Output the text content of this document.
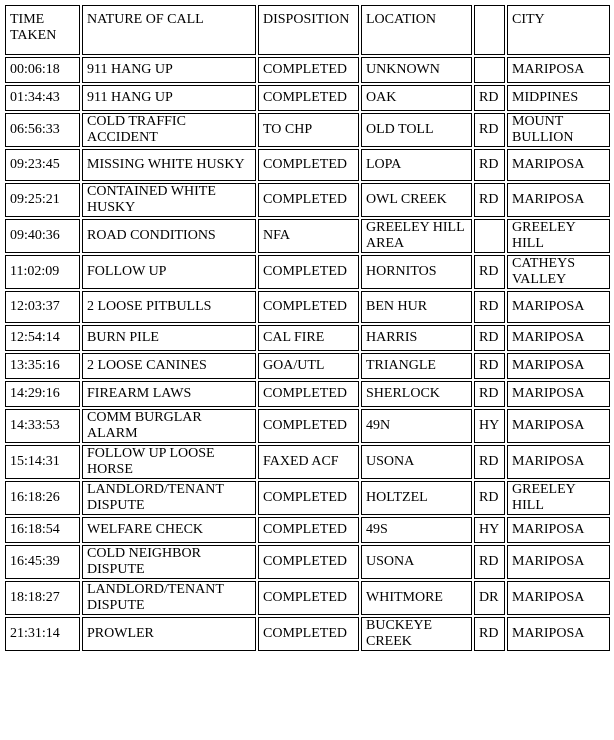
TIME TAKEN	NATURE OF CALL	DISPOSITION	LOCATION		CITY
00:06:18	911 HANG UP	COMPLETED	UNKNOWN		MARIPOSA
01:34:43	911 HANG UP	COMPLETED	OAK	RD	MIDPINES
06:56:33	COLD TRAFFIC ACCIDENT	TO CHP	OLD TOLL	RD	MOUNT BULLION
09:23:45	MISSING WHITE HUSKY	COMPLETED	LOPA	RD	MARIPOSA
09:25:21	CONTAINED WHITE HUSKY	COMPLETED	OWL CREEK	RD	MARIPOSA
09:40:36	ROAD CONDITIONS	NFA	GREELEY HILL AREA		GREELEY HILL
11:02:09	FOLLOW UP	COMPLETED	HORNITOS	RD	CATHEYS VALLEY
12:03:37	2 LOOSE PITBULLS	COMPLETED	BEN HUR	RD	MARIPOSA
12:54:14	BURN PILE	CAL FIRE	HARRIS	RD	MARIPOSA
13:35:16	2 LOOSE CANINES	GOA/UTL	TRIANGLE	RD	MARIPOSA
14:29:16	FIREARM LAWS	COMPLETED	SHERLOCK	RD	MARIPOSA
14:33:53	COMM BURGLAR ALARM	COMPLETED	49N	HY	MARIPOSA
15:14:31	FOLLOW UP LOOSE HORSE	FAXED ACF	USONA	RD	MARIPOSA
16:18:26	LANDLORD/TENANT DISPUTE	COMPLETED	HOLTZEL	RD	GREELEY HILL
16:18:54	WELFARE CHECK	COMPLETED	49S	HY	MARIPOSA
16:45:39	COLD NEIGHBOR DISPUTE	COMPLETED	USONA	RD	MARIPOSA
18:18:27	LANDLORD/TENANT DISPUTE	COMPLETED	WHITMORE	DR	MARIPOSA
21:31:14	PROWLER	COMPLETED	BUCKEYE CREEK	RD	MARIPOSA
